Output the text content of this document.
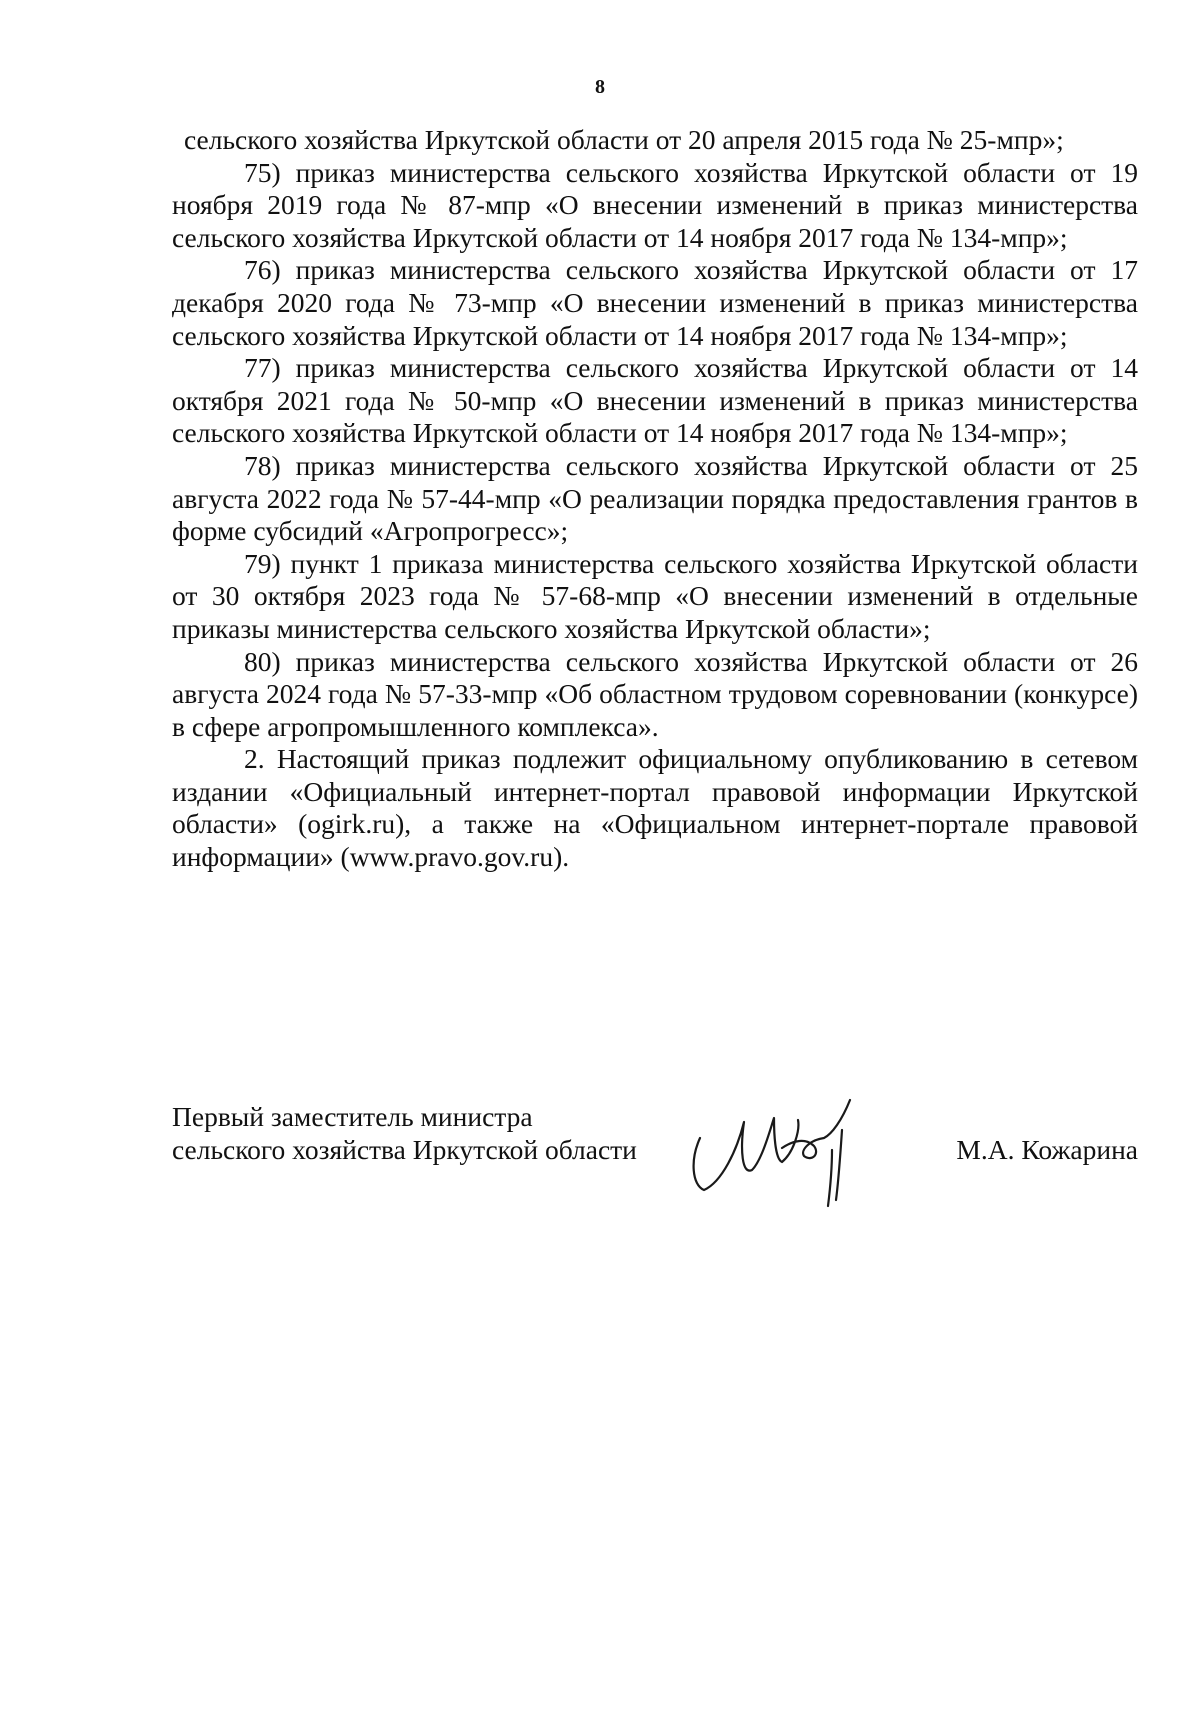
8

сельского хозяйства Иркутской области от 20 апреля 2015 года № 25-мпр»;

75) приказ министерства сельского хозяйства Иркутской области от 19 ноября 2019 года № 87-мпр «О внесении изменений в приказ министерства сельского хозяйства Иркутской области от 14 ноября 2017 года № 134-мпр»;

76) приказ министерства сельского хозяйства Иркутской области от 17 декабря 2020 года № 73-мпр «О внесении изменений в приказ министерства сельского хозяйства Иркутской области от 14 ноября 2017 года № 134-мпр»;

77) приказ министерства сельского хозяйства Иркутской области от 14 октября 2021 года № 50-мпр «О внесении изменений в приказ министерства сельского хозяйства Иркутской области от 14 ноября 2017 года № 134-мпр»;

78) приказ министерства сельского хозяйства Иркутской области от 25 августа 2022 года № 57-44-мпр «О реализации порядка предоставления грантов в форме субсидий «Агропрогресс»;

79) пункт 1 приказа министерства сельского хозяйства Иркутской области от 30 октября 2023 года № 57-68-мпр «О внесении изменений в отдельные приказы министерства сельского хозяйства Иркутской области»;

80) приказ министерства сельского хозяйства Иркутской области от 26 августа 2024 года № 57-33-мпр «Об областном трудовом соревновании (конкурсе) в сфере агропромышленного комплекса».

2. Настоящий приказ подлежит официальному опубликованию в сетевом издании «Официальный интернет-портал правовой информации Иркутской области» (ogirk.ru), а также на «Официальном интернет-портале правовой информации» (www.pravo.gov.ru).

Первый заместитель министра
сельского хозяйства Иркутской области	М.А. Кожарина
